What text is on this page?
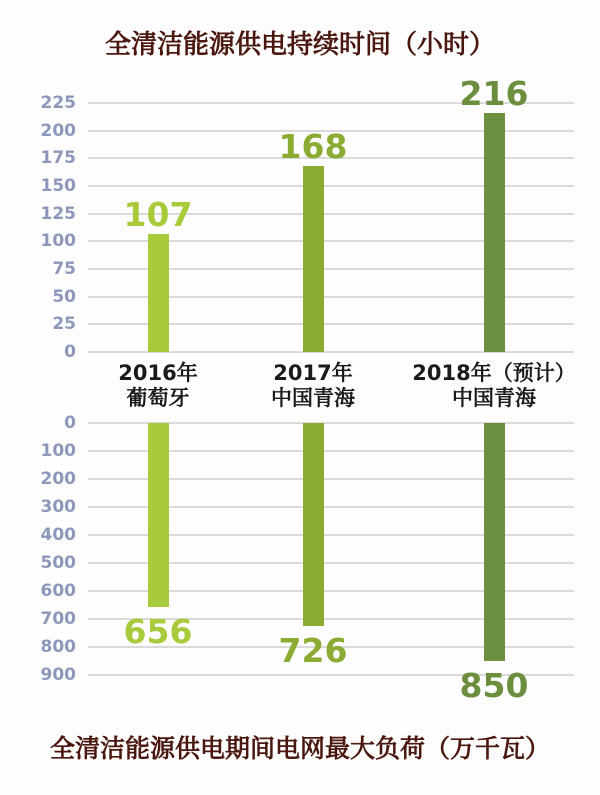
全清洁能源供电持续时间（小时）
0
25
50
75
100
125
150
175
200
225
107
168
216
2016年
葡萄牙
2017年
中国青海
2018年（预计）
中国青海
0
100
200
300
400
500
600
700
800
900
656
726
850
全清洁能源供电期间电网最大负荷（万千瓦）
